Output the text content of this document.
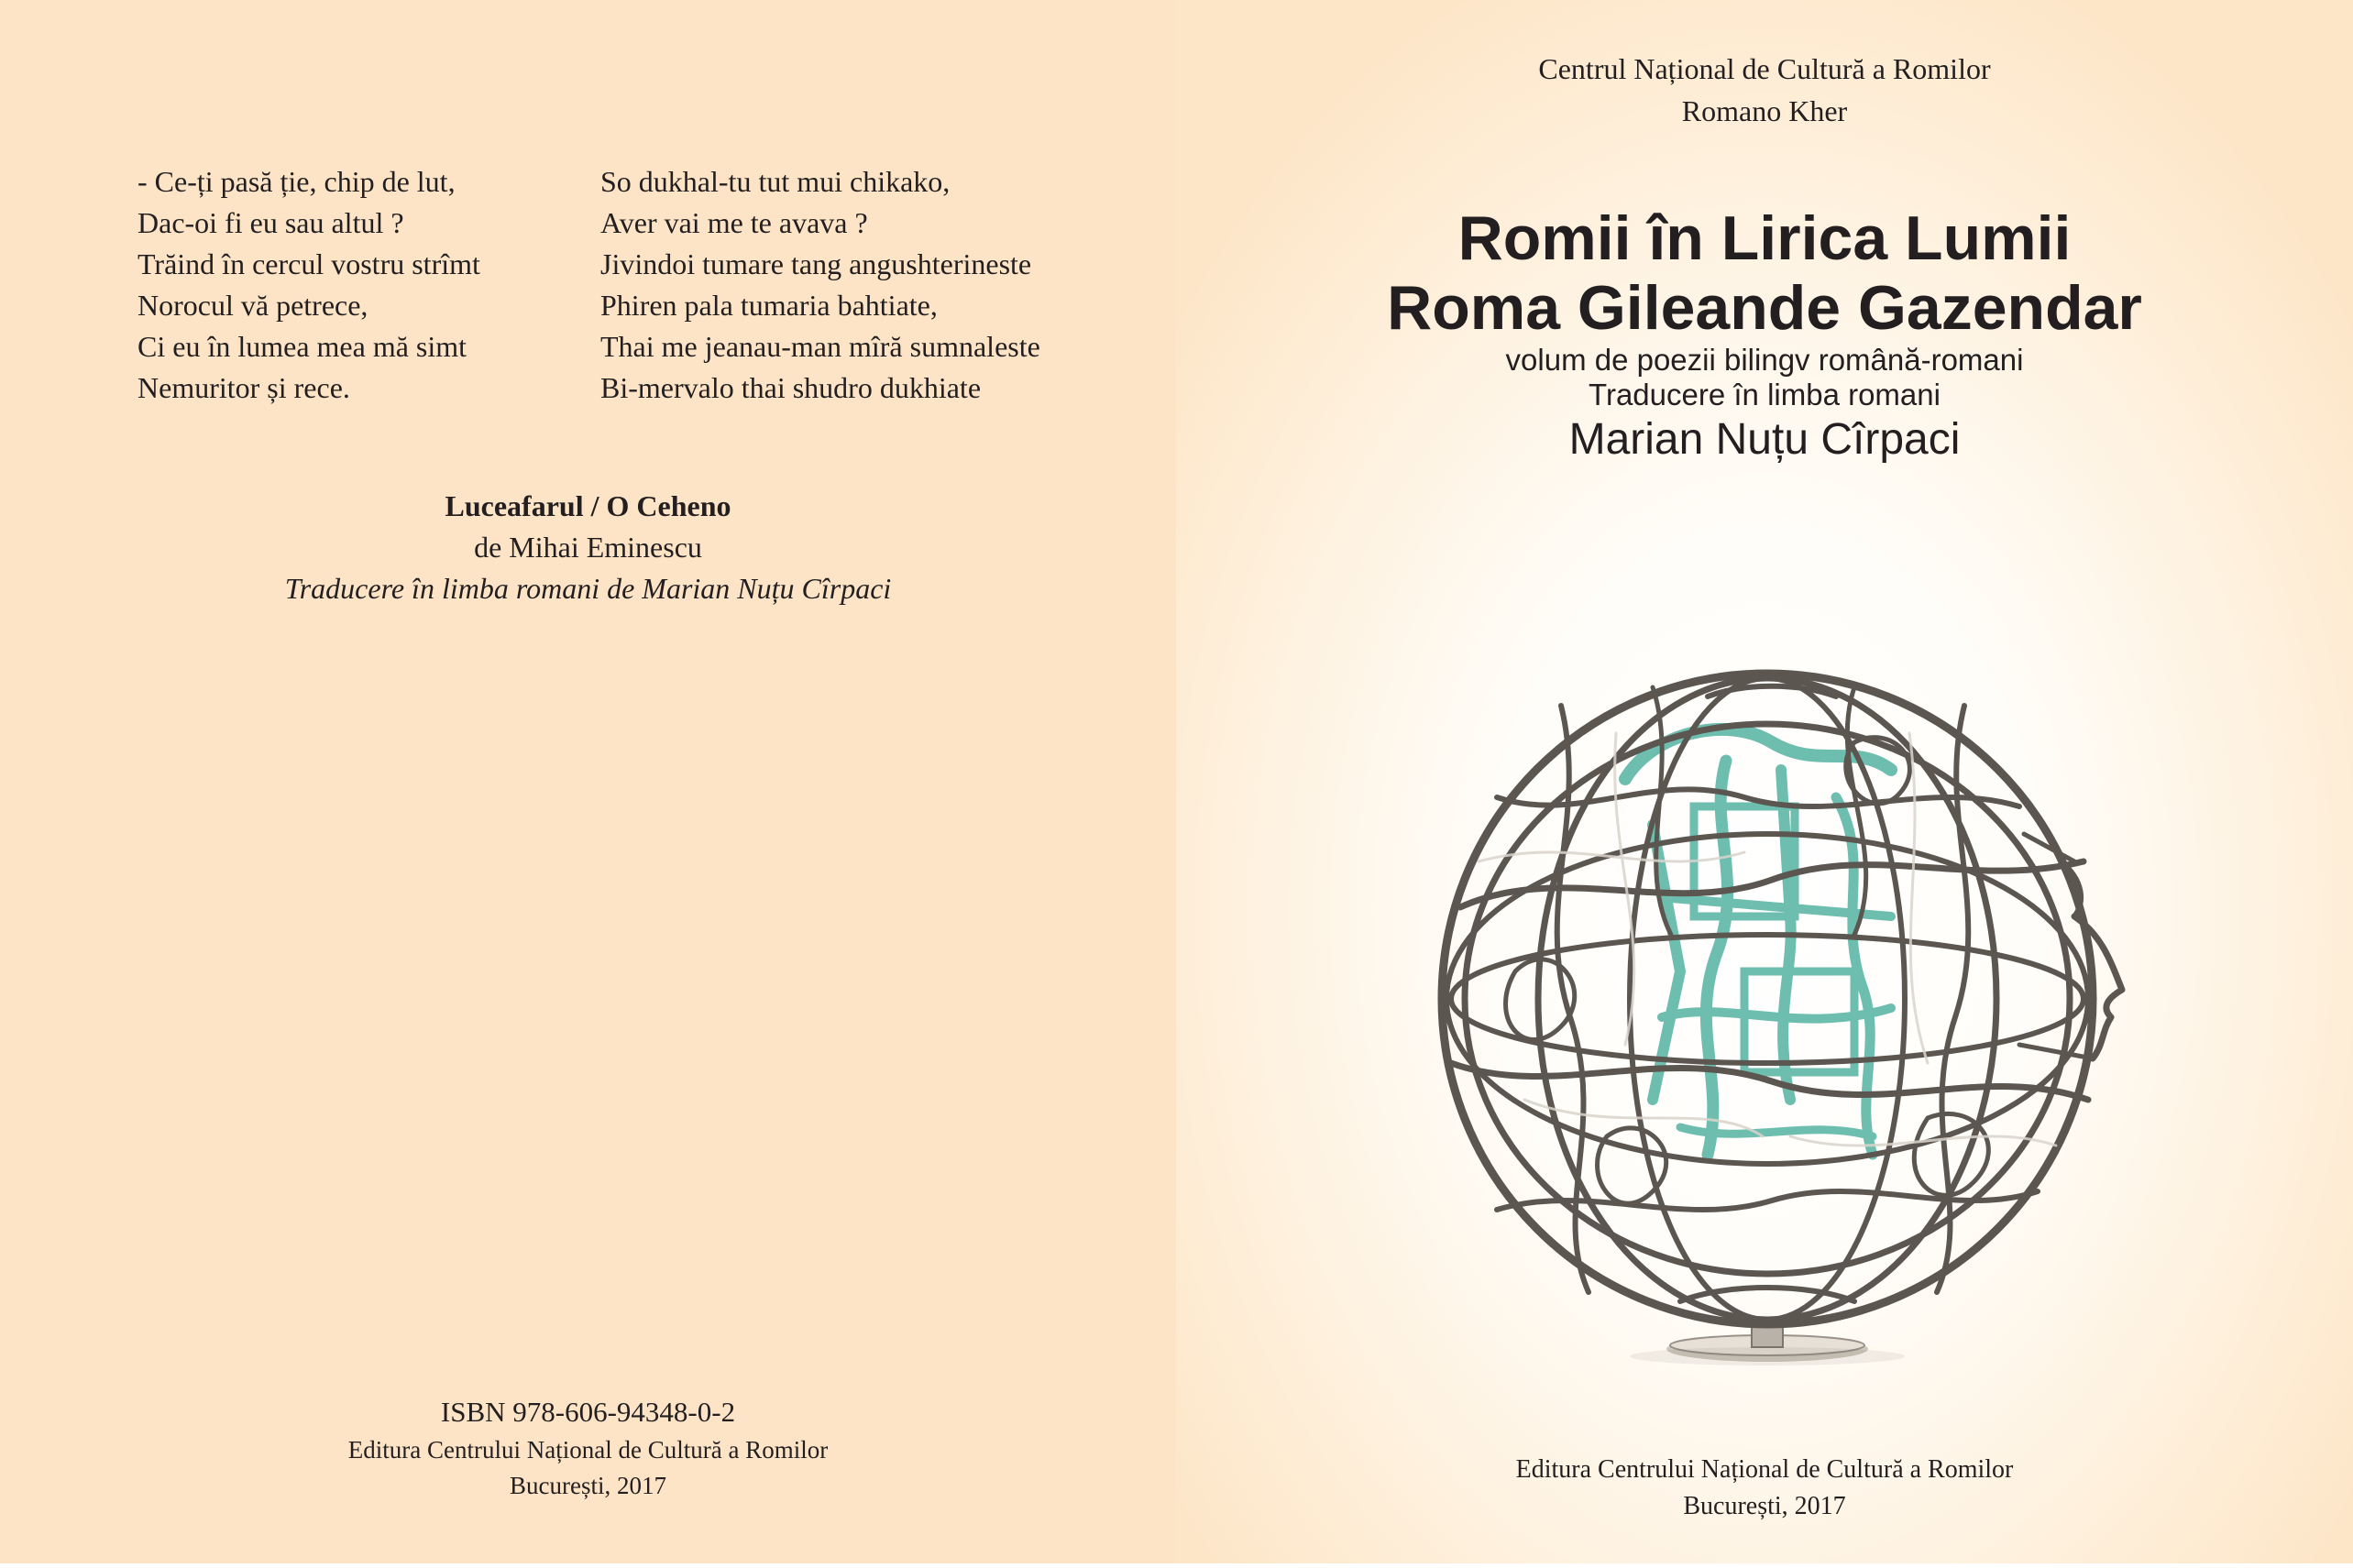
- Ce-ți pasă ție, chip de lut,
Dac-oi fi eu sau altul ?
Trăind în cercul vostru strîmt
Norocul vă petrece,
Ci eu în lumea mea mă simt
Nemuritor și rece.
So dukhal-tu tut mui chikako,
Aver vai me te avava ?
Jivindoi tumare tang angushterineste
Phiren pala tumaria bahtiate,
Thai me jeanau-man mîră sumnaleste
Bi-mervalo thai shudro dukhiate
Luceafarul / O Ceheno
de Mihai Eminescu
Traducere în limba romani de Marian Nuțu Cîrpaci
ISBN 978-606-94348-0-2
Editura Centrului Național de Cultură a Romilor
București, 2017
Centrul Național de Cultură a Romilor
Romano Kher
Romii în Lirica Lumii
Roma Gileande Gazendar
volum de poezii bilingv română-romani
Traducere în limba romani
Marian Nuțu Cîrpaci
Editura Centrului Național de Cultură a Romilor
București, 2017
